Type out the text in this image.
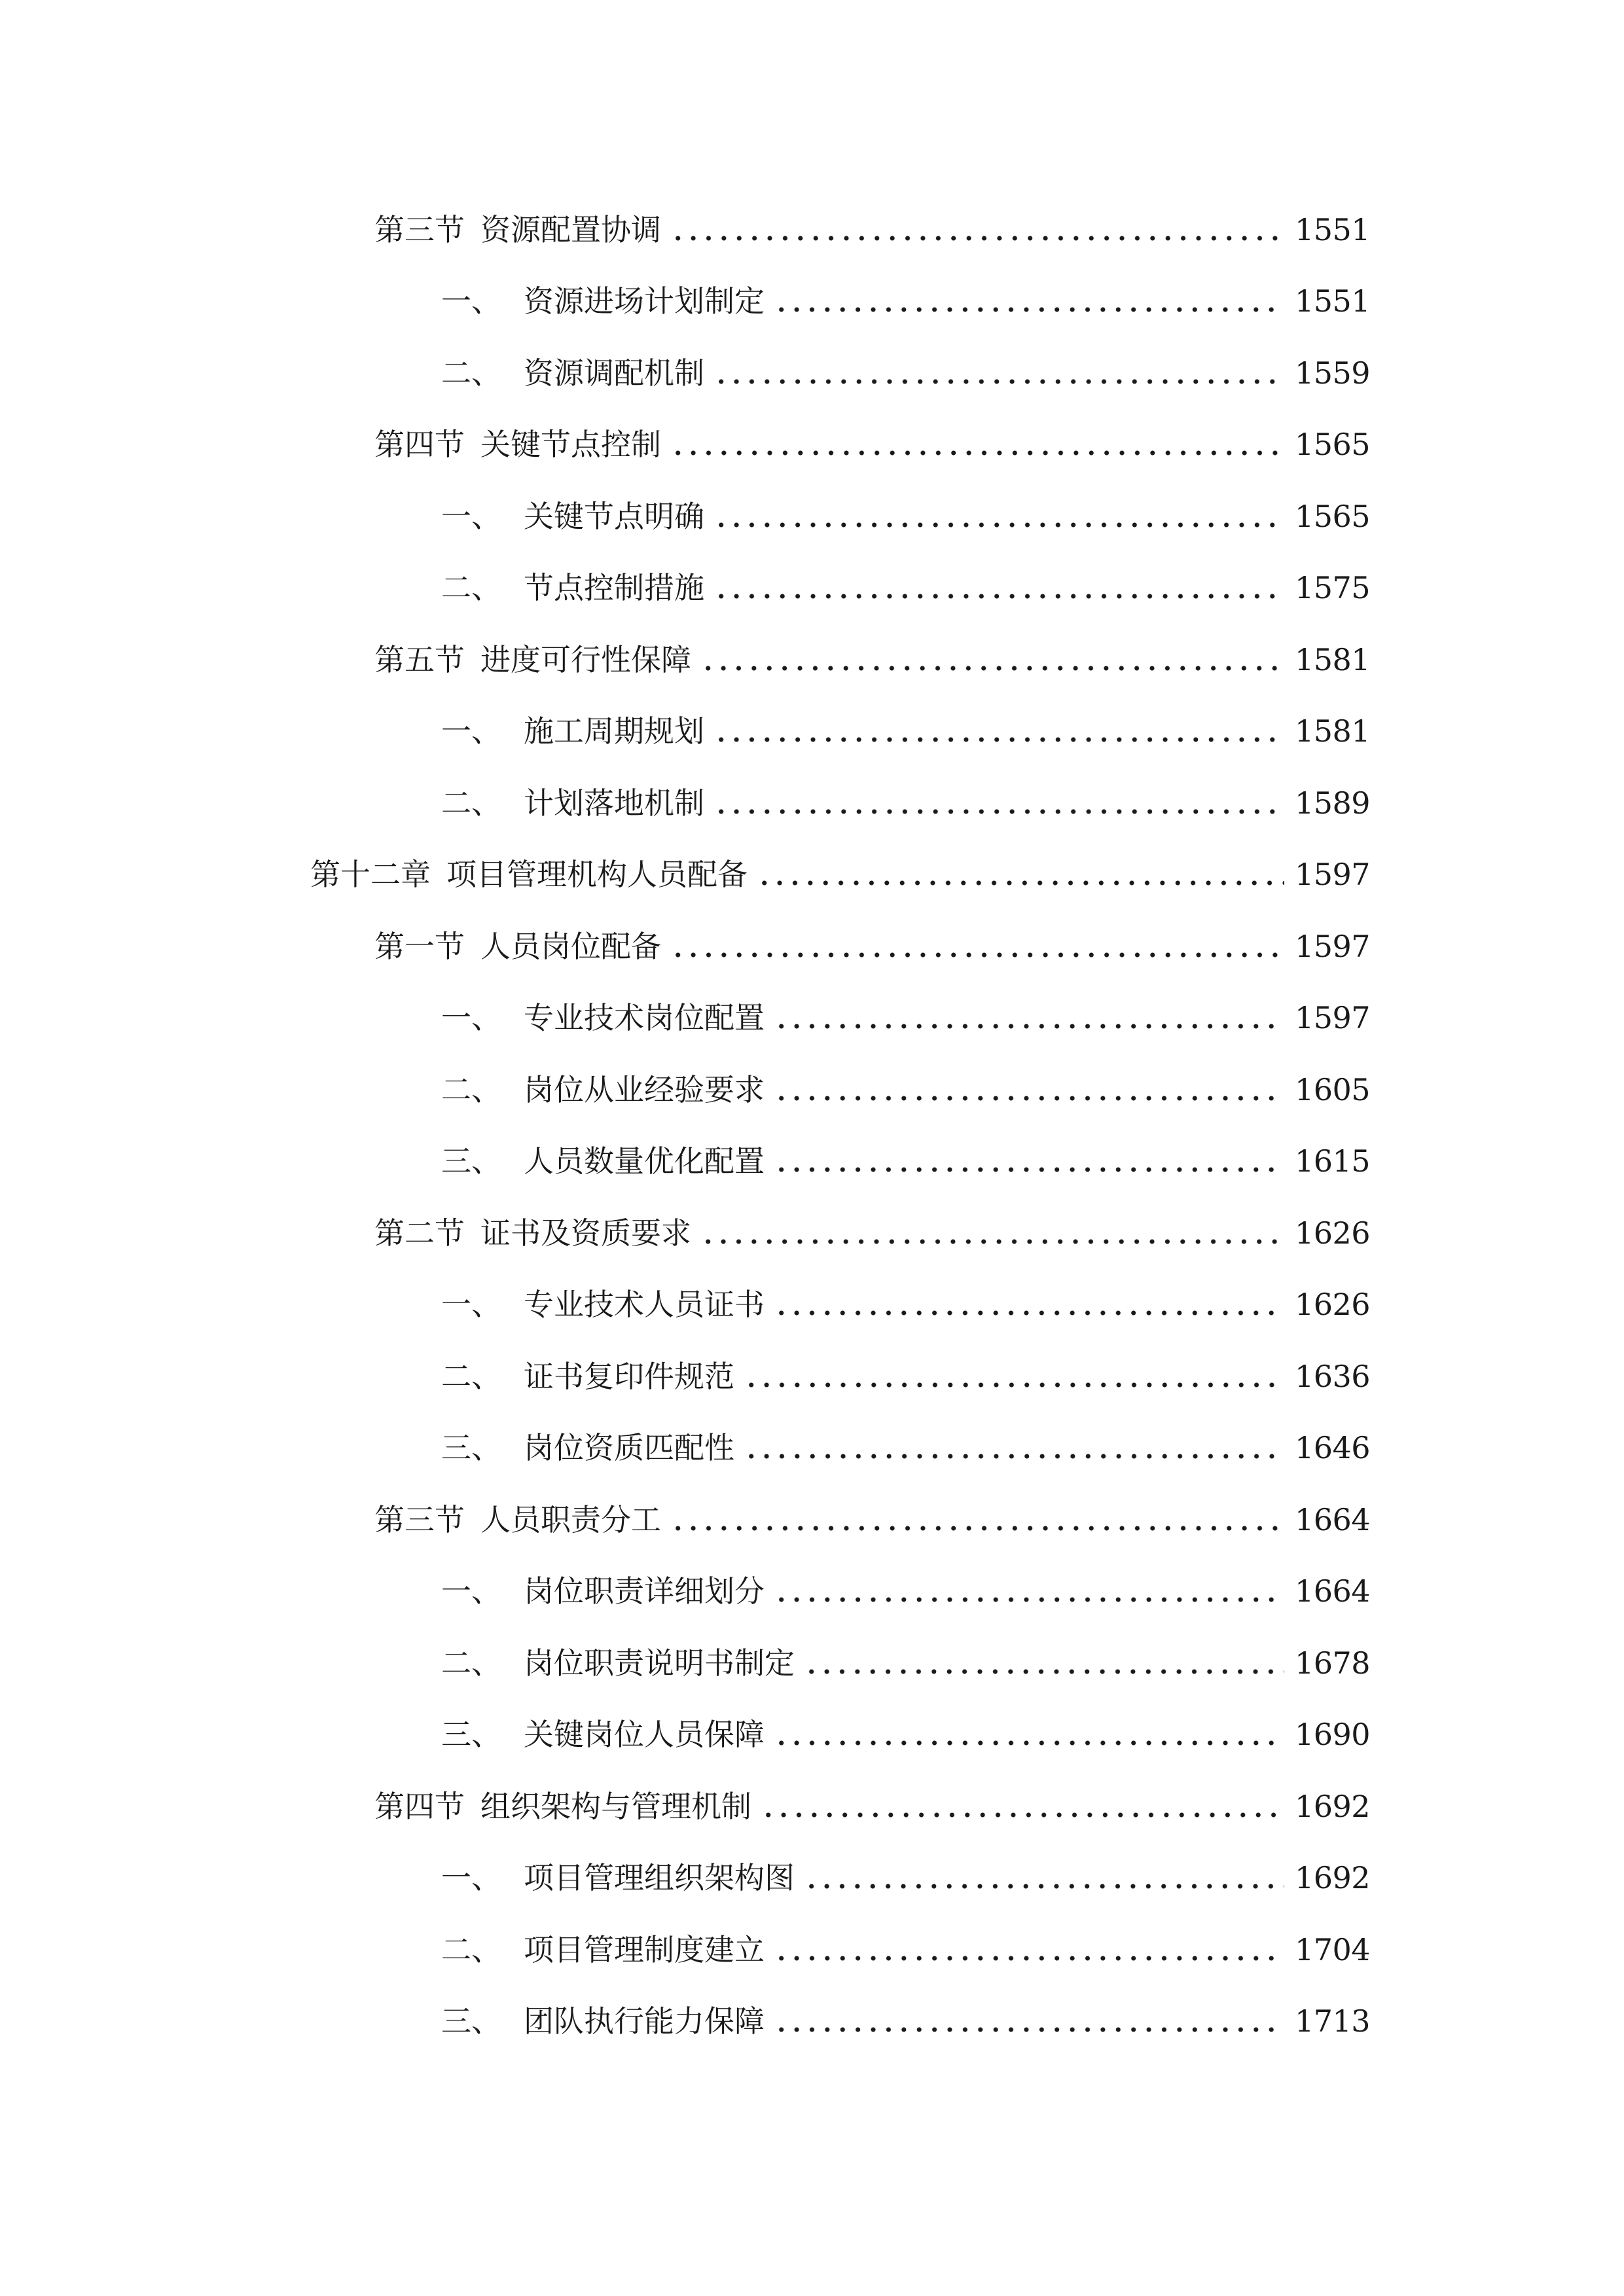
第三节 资源配置协调	1551
一、 资源进场计划制定	1551
二、 资源调配机制	1559
第四节 关键节点控制	1565
一、 关键节点明确	1565
二、 节点控制措施	1575
第五节 进度可行性保障	1581
一、 施工周期规划	1581
二、 计划落地机制	1589
第十二章 项目管理机构人员配备	1597
第一节 人员岗位配备	1597
一、 专业技术岗位配置	1597
二、 岗位从业经验要求	1605
三、 人员数量优化配置	1615
第二节 证书及资质要求	1626
一、 专业技术人员证书	1626
二、 证书复印件规范	1636
三、 岗位资质匹配性	1646
第三节 人员职责分工	1664
一、 岗位职责详细划分	1664
二、 岗位职责说明书制定	1678
三、 关键岗位人员保障	1690
第四节 组织架构与管理机制	1692
一、 项目管理组织架构图	1692
二、 项目管理制度建立	1704
三、 团队执行能力保障	1713
